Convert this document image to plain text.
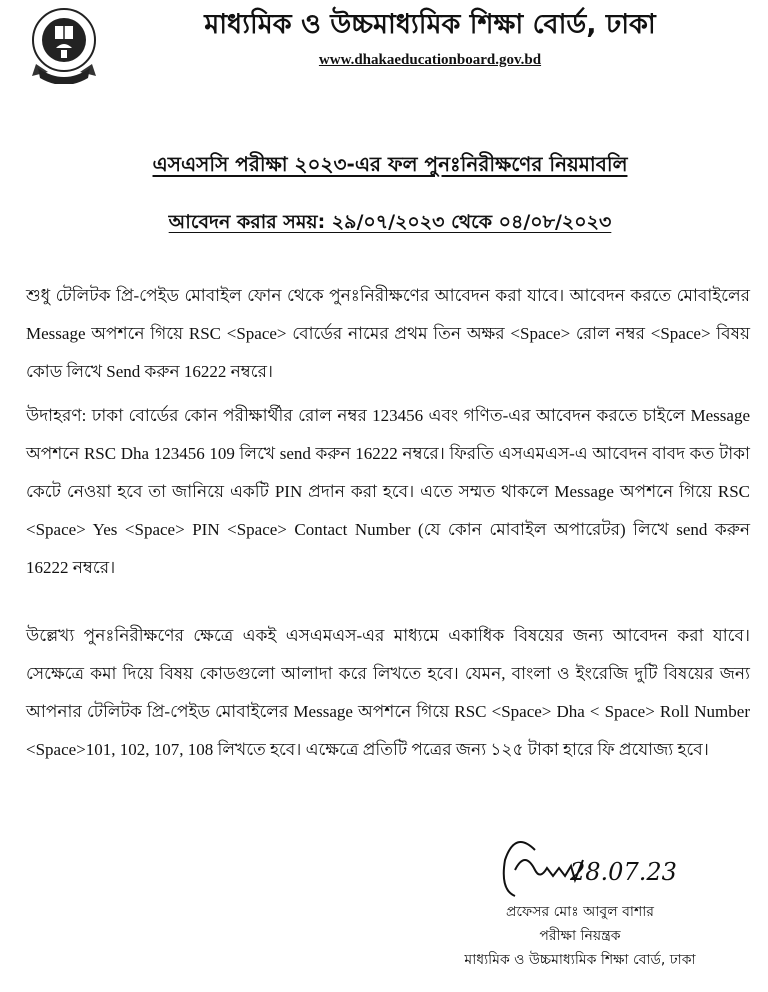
মাধ্যমিক ও উচ্চমাধ্যমিক শিক্ষা বোর্ড, ঢাকা
www.dhakaeducationboard.gov.bd
এসএসসি পরীক্ষা ২০২৩-এর ফল পুনঃনিরীক্ষণের নিয়মাবলি
আবেদন করার সময়: ২৯/০৭/২০২৩ থেকে ০৪/০৮/২০২৩

শুধু টেলিটক প্রি-পেইড মোবাইল ফোন থেকে পুনঃনিরীক্ষণের আবেদন করা যাবে। আবেদন করতে মোবাইলের Message অপশনে গিয়ে RSC <Space> বোর্ডের নামের প্রথম তিন অক্ষর <Space> রোল নম্বর <Space> বিষয় কোড লিখে Send করুন 16222 নম্বরে।

উদাহরণ: ঢাকা বোর্ডের কোন পরীক্ষার্থীর রোল নম্বর 123456 এবং গণিত-এর আবেদন করতে চাইলে Message অপশনে RSC Dha 123456 109 লিখে send করুন 16222 নম্বরে। ফিরতি এসএমএস-এ আবেদন বাবদ কত টাকা কেটে নেওয়া হবে তা জানিয়ে একটি PIN প্রদান করা হবে। এতে সম্মত থাকলে Message অপশনে গিয়ে RSC <Space> Yes <Space> PIN <Space> Contact Number (যে কোন মোবাইল অপারেটর) লিখে send করুন 16222 নম্বরে।

উল্লেখ্য পুনঃনিরীক্ষণের ক্ষেত্রে একই এসএমএস-এর মাধ্যমে একাধিক বিষয়ের জন্য আবেদন করা যাবে। সেক্ষেত্রে কমা দিয়ে বিষয় কোডগুলো আলাদা করে লিখতে হবে। যেমন, বাংলা ও ইংরেজি দুটি বিষয়ের জন্য আপনার টেলিটক প্রি-পেইড মোবাইলের Message অপশনে গিয়ে RSC <Space> Dha < Space> Roll Number <Space>101, 102, 107, 108 লিখতে হবে। এক্ষেত্রে প্রতিটি পত্রের জন্য ১২৫ টাকা হারে ফি প্রযোজ্য হবে।

28.07.23
প্রফেসর মোঃ আবুল বাশার
পরীক্ষা নিয়ন্ত্রক
মাধ্যমিক ও উচ্চমাধ্যমিক শিক্ষা বোর্ড, ঢাকা
